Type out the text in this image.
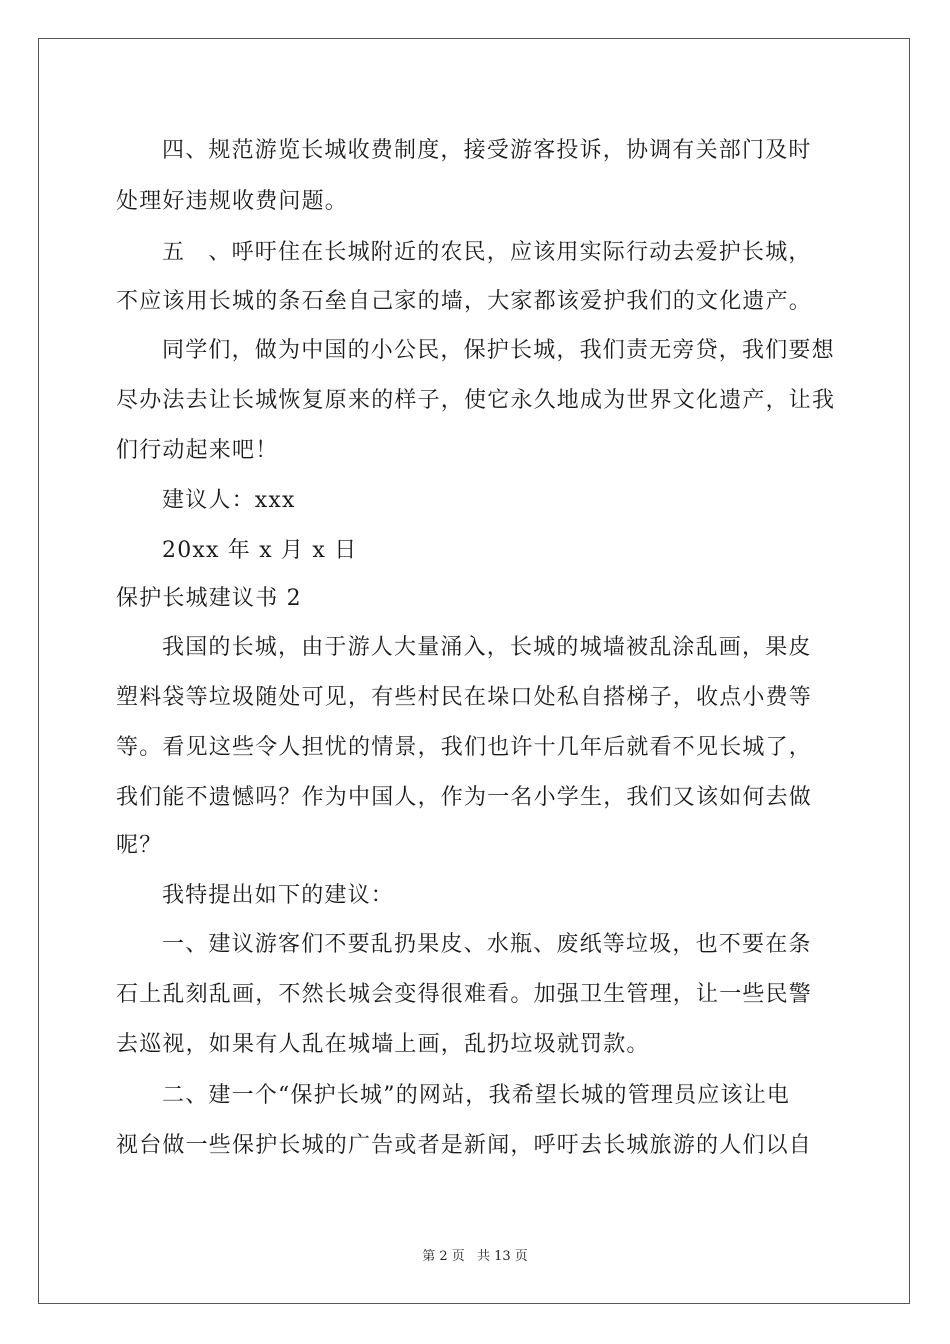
四、规范游览长城收费制度，接受游客投诉，协调有关部门及时
处理好违规收费问题。
五　、呼吁住在长城附近的农民，应该用实际行动去爱护长城，
不应该用长城的条石垒自己家的墙，大家都该爱护我们的文化遗产。
同学们，做为中国的小公民，保护长城，我们责无旁贷，我们要想
尽办法去让长城恢复原来的样子，使它永久地成为世界文化遗产，让我
们行动起来吧！
建议人：xxx
20xx 年 x 月 x 日
保护长城建议书 2
我国的长城，由于游人大量涌入，长城的城墙被乱涂乱画，果皮
塑料袋等垃圾随处可见，有些村民在垛口处私自搭梯子，收点小费等
等。看见这些令人担忧的情景，我们也许十几年后就看不见长城了，
我们能不遗憾吗？作为中国人，作为一名小学生，我们又该如何去做
呢？
我特提出如下的建议：
一、建议游客们不要乱扔果皮、水瓶、废纸等垃圾，也不要在条
石上乱刻乱画，不然长城会变得很难看。加强卫生管理，让一些民警
去巡视，如果有人乱在城墙上画，乱扔垃圾就罚款。
二、建一个“保护长城”的网站，我希望长城的管理员应该让电
视台做一些保护长城的广告或者是新闻，呼吁去长城旅游的人们以自
第 2 页 共 13 页
